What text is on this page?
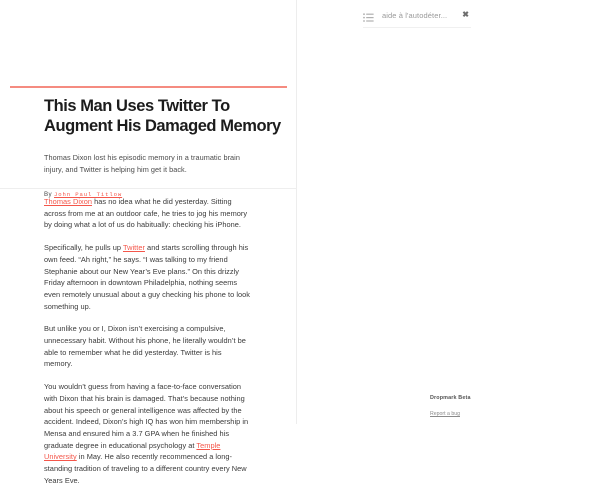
aide à l'autodéter...	✖
This Man Uses Twitter To Augment His Damaged Memory

Thomas Dixon lost his episodic memory in a traumatic brain injury, and Twitter is helping him get it back.

By John Paul Titlow

Thomas Dixon has no idea what he did yesterday. Sitting across from me at an outdoor cafe, he tries to jog his memory by doing what a lot of us do habitually: checking his iPhone.

Specifically, he pulls up Twitter and starts scrolling through his own feed. “Ah right,” he says. “I was talking to my friend Stephanie about our New Year’s Eve plans.” On this drizzly Friday afternoon in downtown Philadelphia, nothing seems even remotely unusual about a guy checking his phone to look something up.

But unlike you or I, Dixon isn’t exercising a compulsive, unnecessary habit. Without his phone, he literally wouldn’t be able to remember what he did yesterday. Twitter is his memory.

You wouldn’t guess from having a face-to-face conversation with Dixon that his brain is damaged. That’s because nothing about his speech or general intelligence was affected by the accident. Indeed, Dixon’s high IQ has won him membership in Mensa and ensured him a 3.7 GPA when he finished his graduate degree in educational psychology at Temple University in May. He also recently recommenced a long-standing tradition of traveling to a different country every New Years Eve.

Dropmark Beta
Report a bug
